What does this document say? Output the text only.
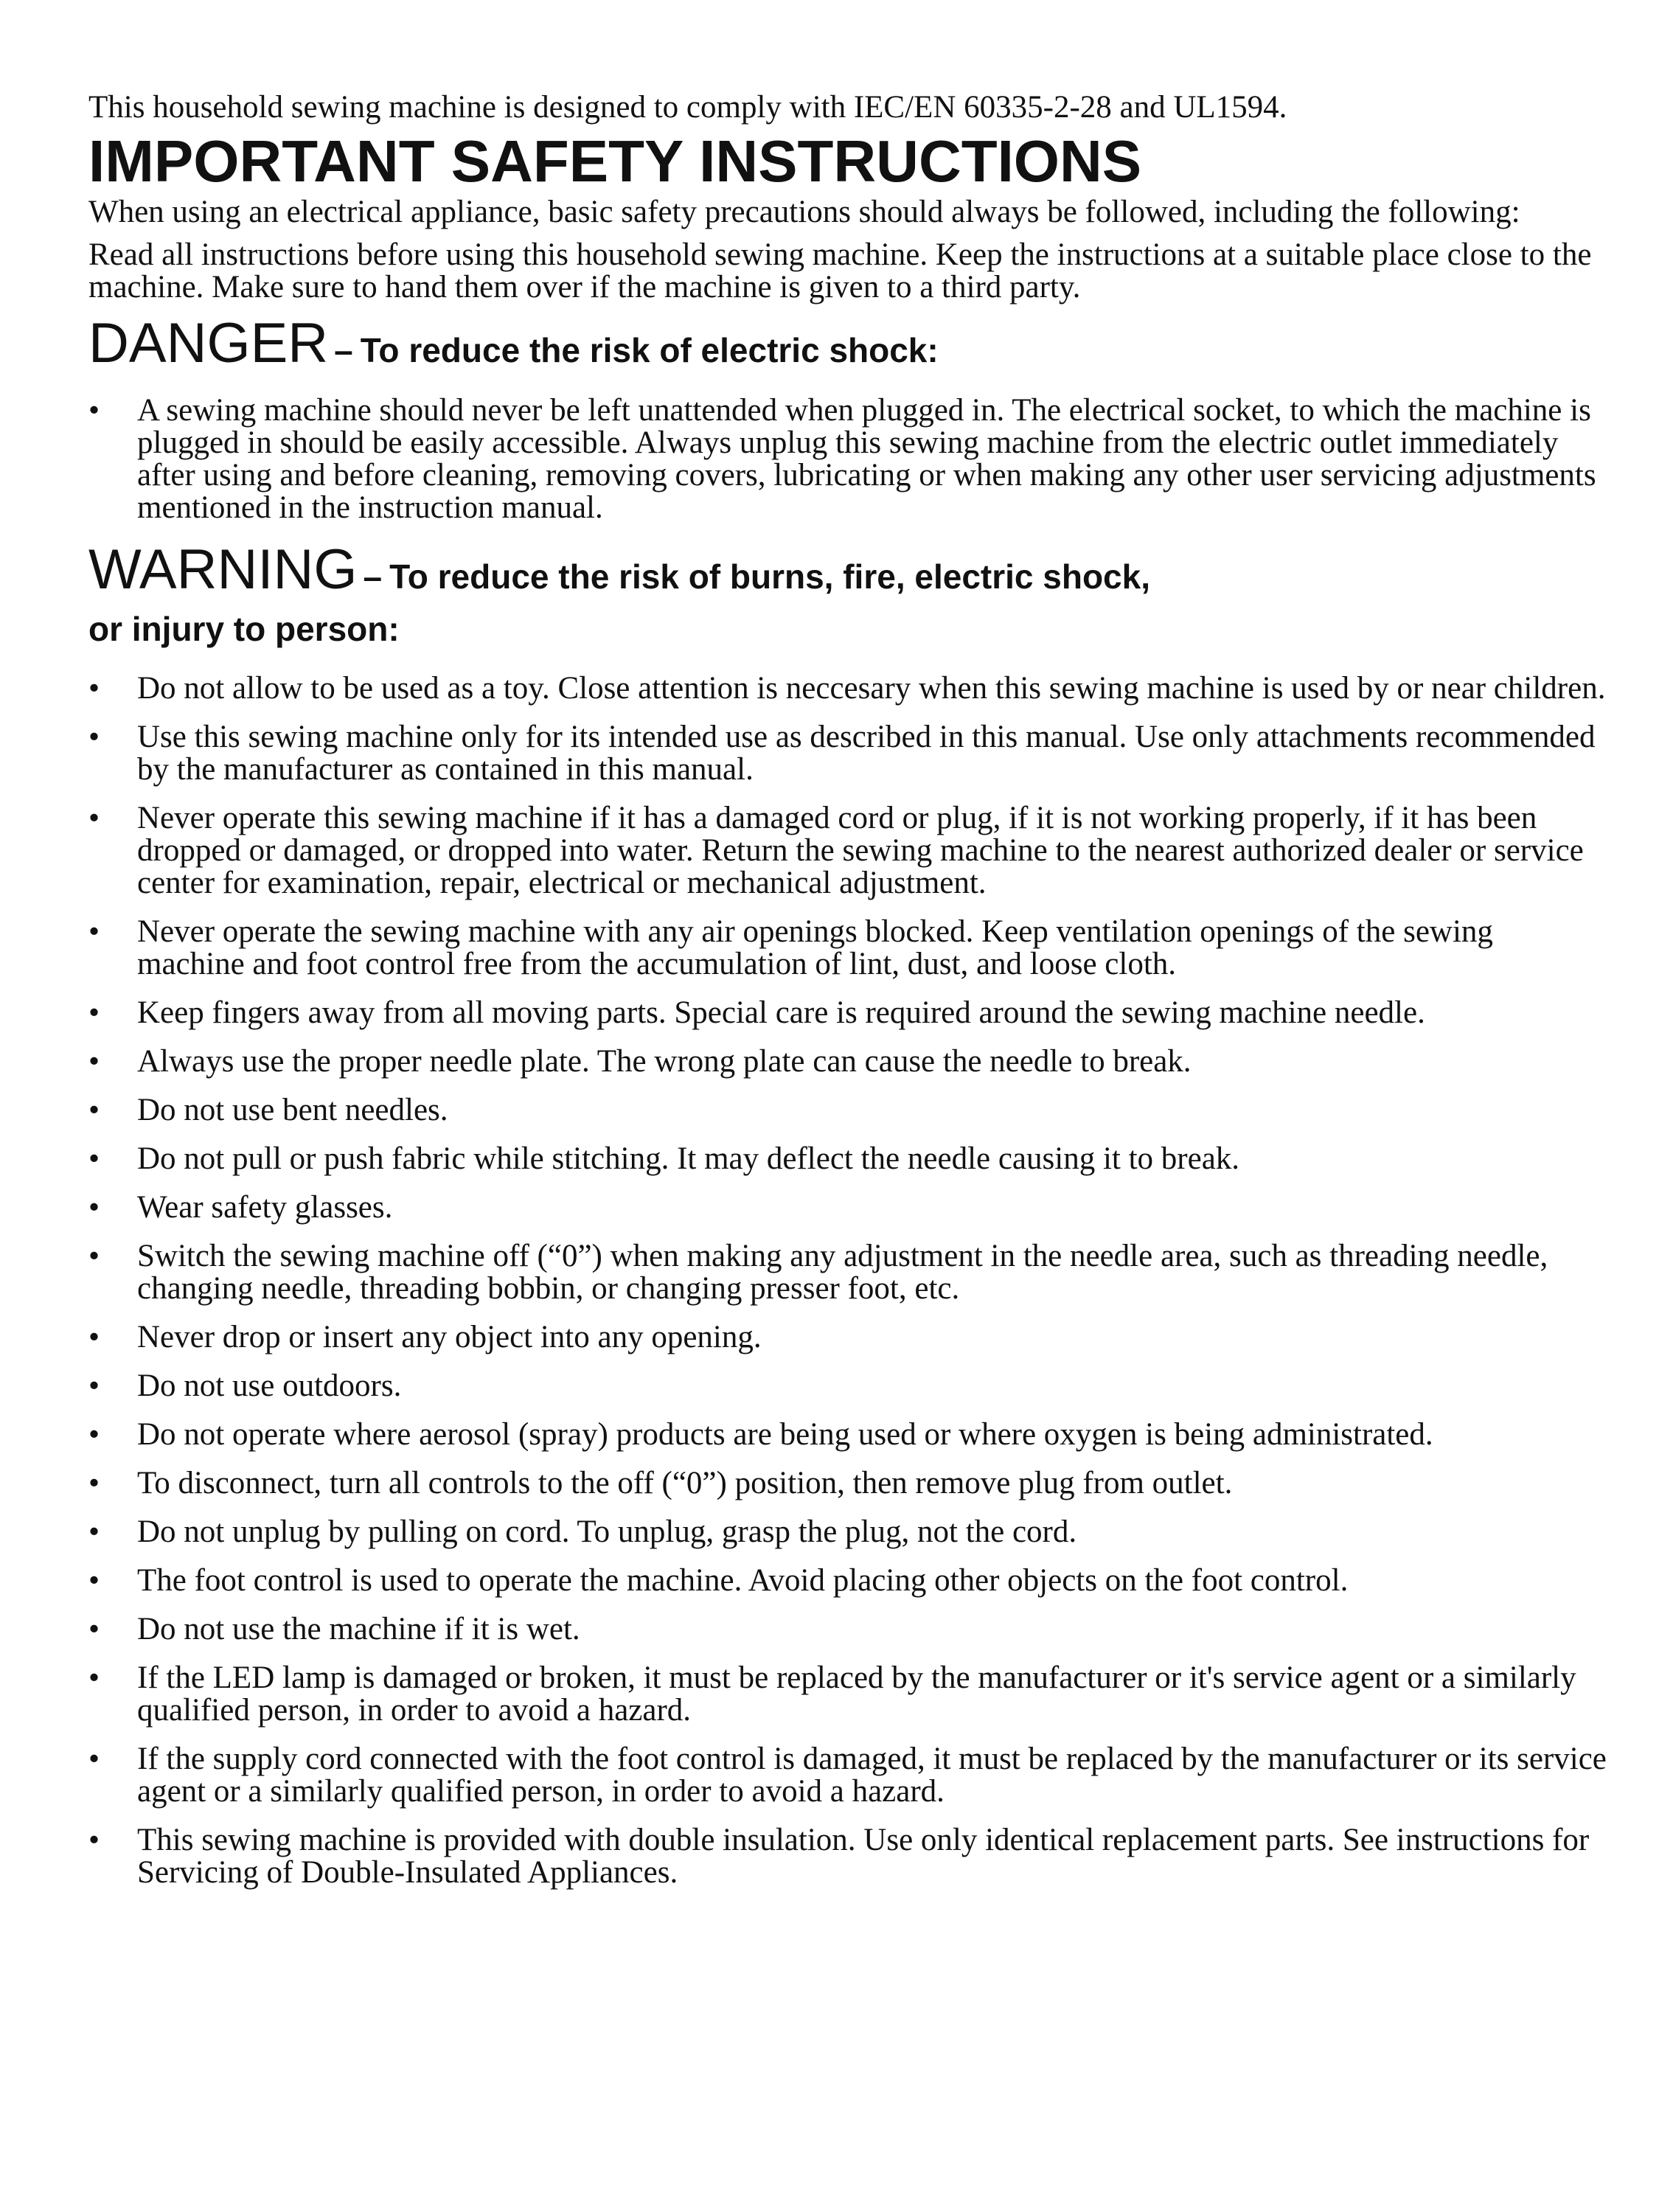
This household sewing machine is designed to comply with IEC/EN 60335-2-28 and UL1594.

IMPORTANT SAFETY INSTRUCTIONS

When using an electrical appliance, basic safety precautions should always be followed, including the following:

Read all instructions before using this household sewing machine. Keep the instructions at a suitable place close to the machine. Make sure to hand them over if the machine is given to a third party.

DANGER – To reduce the risk of electric shock:
•	A sewing machine should never be left unattended when plugged in. The electrical socket, to which the machine is plugged in should be easily accessible. Always unplug this sewing machine from the electric outlet immediately after using and before cleaning, removing covers, lubricating or when making any other user servicing adjustments mentioned in the instruction manual.
WARNING – To reduce the risk of burns, fire, electric shock,
or injury to person:
•	Do not allow to be used as a toy. Close attention is neccesary when this sewing machine is used by or near children.
•	Use this sewing machine only for its intended use as described in this manual. Use only attachments recommended by the manufacturer as contained in this manual.
•	Never operate this sewing machine if it has a damaged cord or plug, if it is not working properly, if it has been dropped or damaged, or dropped into water. Return the sewing machine to the nearest authorized dealer or service center for examination, repair, electrical or mechanical adjustment.
•	Never operate the sewing machine with any air openings blocked. Keep ventilation openings of the sewing machine and foot control free from the accumulation of lint, dust, and loose cloth.
•	Keep fingers away from all moving parts. Special care is required around the sewing machine needle.
•	Always use the proper needle plate. The wrong plate can cause the needle to break.
•	Do not use bent needles.
•	Do not pull or push fabric while stitching. It may deflect the needle causing it to break.
•	Wear safety glasses.
•	Switch the sewing machine off (“0”) when making any adjustment in the needle area, such as threading needle, changing needle, threading bobbin, or changing presser foot, etc.
•	Never drop or insert any object into any opening.
•	Do not use outdoors.
•	Do not operate where aerosol (spray) products are being used or where oxygen is being administrated.
•	To disconnect, turn all controls to the off (“0”) position, then remove plug from outlet.
•	Do not unplug by pulling on cord. To unplug, grasp the plug, not the cord.
•	The foot control is used to operate the machine. Avoid placing other objects on the foot control.
•	Do not use the machine if it is wet.
•	If the LED lamp is damaged or broken, it must be replaced by the manufacturer or it's service agent or a similarly qualified person, in order to avoid a hazard.
•	If the supply cord connected with the foot control is damaged, it must be replaced by the manufacturer or its service agent or a similarly qualified person, in order to avoid a hazard.
•	This sewing machine is provided with double insulation. Use only identical replacement parts. See instructions for Servicing of Double-Insulated Appliances.
